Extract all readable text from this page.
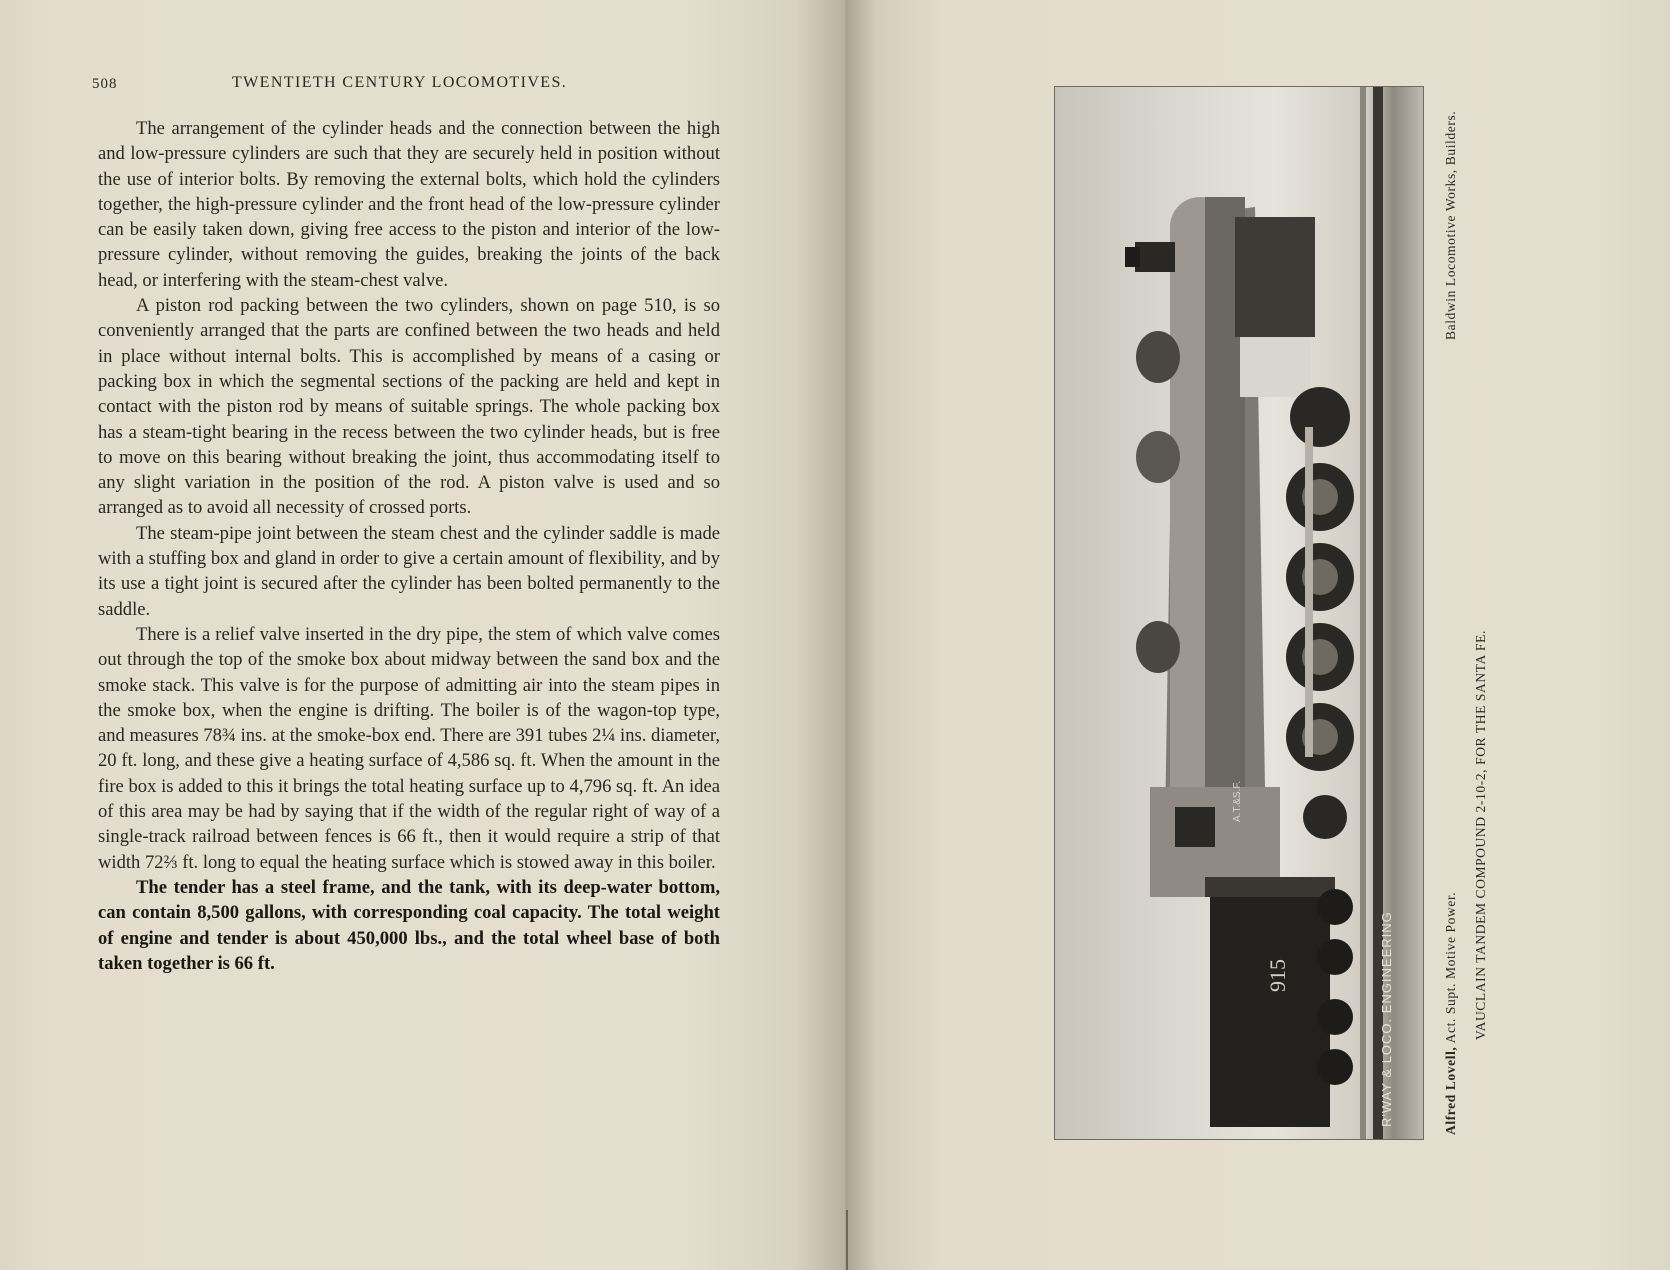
508	TWENTIETH CENTURY LOCOMOTIVES.

The arrangement of the cylinder heads and the connection between the high and low-pressure cylinders are such that they are securely held in position without the use of interior bolts. By removing the external bolts, which hold the cylinders together, the high-pressure cylinder and the front head of the low-pressure cylinder can be easily taken down, giving free access to the piston and interior of the low-pressure cylinder, without removing the guides, breaking the joints of the back head, or interfering with the steam-chest valve.

A piston rod packing between the two cylinders, shown on page 510, is so conveniently arranged that the parts are confined between the two heads and held in place without internal bolts. This is accomplished by means of a casing or packing box in which the segmental sections of the packing are held and kept in contact with the piston rod by means of suitable springs. The whole packing box has a steam-tight bearing in the recess between the two cylinder heads, but is free to move on this bearing without breaking the joint, thus accommodating itself to any slight variation in the position of the rod. A piston valve is used and so arranged as to avoid all necessity of crossed ports.

The steam-pipe joint between the steam chest and the cylinder saddle is made with a stuffing box and gland in order to give a certain amount of flexibility, and by its use a tight joint is secured after the cylinder has been bolted permanently to the saddle.

There is a relief valve inserted in the dry pipe, the stem of which valve comes out through the top of the smoke box about midway between the sand box and the smoke stack. This valve is for the purpose of admitting air into the steam pipes in the smoke box, when the engine is drifting. The boiler is of the wagon-top type, and measures 78¾ ins. at the smoke-box end. There are 391 tubes 2¼ ins. diameter, 20 ft. long, and these give a heating surface of 4,586 sq. ft. When the amount in the fire box is added to this it brings the total heating surface up to 4,796 sq. ft. An idea of this area may be had by saying that if the width of the regular right of way of a single-track railroad between fences is 66 ft., then it would require a strip of that width 72⅔ ft. long to equal the heating surface which is stowed away in this boiler.

The tender has a steel frame, and the tank, with its deep-water bottom, can contain 8,500 gallons, with corresponding coal capacity. The total weight of engine and tender is about 450,000 lbs., and the total wheel base of both taken together is 66 ft.

A.T.&S.F.
915	R'WAY & LOCO. ENGINEERING	Alfred Lovell, Act. Supt. Motive Power. VAUCLAIN TANDEM COMPOUND 2-10-2, FOR THE SANTA FE.
Baldwin Locomotive Works, Builders.
